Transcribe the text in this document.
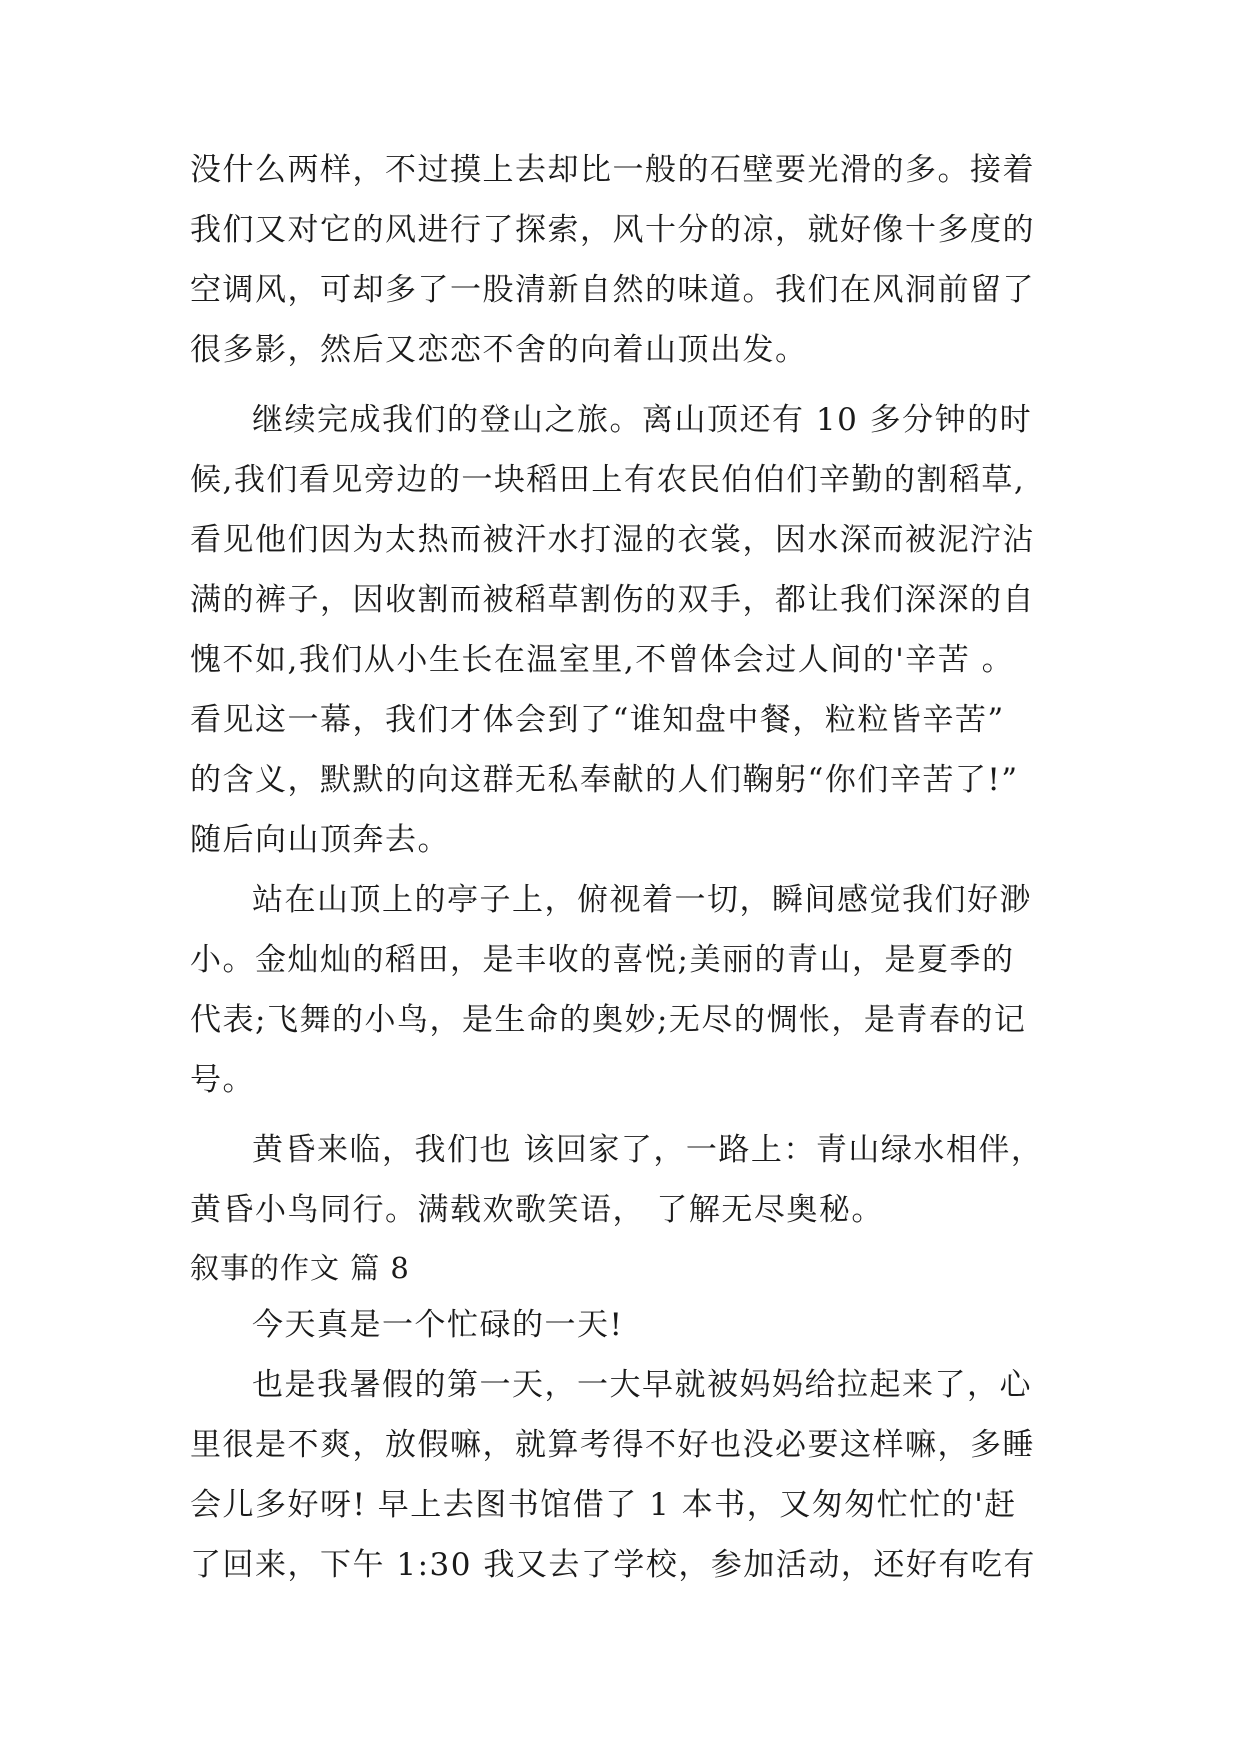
没什么两样，不过摸上去却比一般的石壁要光滑的多。接着
我们又对它的风进行了探索，风十分的凉，就好像十多度的
空调风，可却多了一股清新自然的味道。我们在风洞前留了
很多影，然后又恋恋不舍的向着山顶出发。
继续完成我们的登山之旅。离山顶还有 10 多分钟的时
候,我们看见旁边的一块稻田上有农民伯伯们辛勤的割稻草,
看见他们因为太热而被汗水打湿的衣裳，因水深而被泥泞沾
满的裤子，因收割而被稻草割伤的双手，都让我们深深的自
愧不如,我们从小生长在温室里,不曾体会过人间的'辛苦 。
看见这一幕，我们才体会到了“谁知盘中餐，粒粒皆辛苦”
的含义，默默的向这群无私奉献的人们鞠躬“你们辛苦了!”
随后向山顶奔去。
站在山顶上的亭子上，俯视着一切，瞬间感觉我们好渺
小。金灿灿的稻田，是丰收的喜悦;美丽的青山，是夏季的
代表;飞舞的小鸟，是生命的奥妙;无尽的惆怅，是青春的记
号。
黄昏来临，我们也 该回家了，一路上：青山绿水相伴，
黄昏小鸟同行。满载欢歌笑语， 了解无尽奥秘。
叙事的作文 篇 8
今天真是一个忙碌的一天!
也是我暑假的第一天，一大早就被妈妈给拉起来了，心
里很是不爽，放假嘛，就算考得不好也没必要这样嘛，多睡
会儿多好呀! 早上去图书馆借了 1 本书，又匆匆忙忙的'赶
了回来，下午 1:30 我又去了学校，参加活动，还好有吃有
